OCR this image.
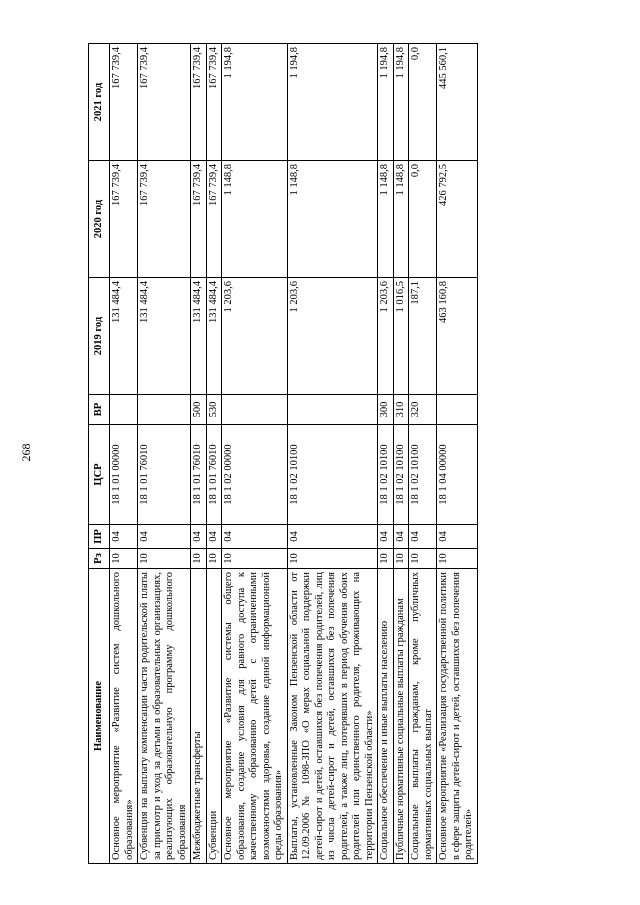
268
Наименование	Рз	ПР	ЦСР	ВР	2019 год	2020 год	2021 год
Основное мероприятие «Развитие систем дошкольного образования»	10	04	18 1 01 00000		131 484,4	167 739,4	167 739,4
Субвенция на выплату компенсации части родительской платы за присмотр и уход за детьми в образовательных организациях, реализующих образовательную программу дошкольного образования	10	04	18 1 01 76010		131 484,4	167 739,4	167 739,4
Межбюджетные трансферты	10	04	18 1 01 76010	500	131 484,4	167 739,4	167 739,4
Субвенции	10	04	18 1 01 76010	530	131 484,4	167 739,4	167 739,4
Основное мероприятие «Развитие системы общего образования, создание условия для равного доступа к качественному образованию детей с ограниченными возможностями здоровья, создание единой информационной среды образования»	10	04	18 1 02 00000		1 203,6	1 148,8	1 194,8
Выплаты, установленные Законом Пензенской области от 12.09.2006 № 1098-ЗПО «О мерах социальной поддержки детей-сирот и детей, оставшихся без попечения родителей, лиц из числа детей-сирот и детей, оставшихся без попечения родителей, а также лиц, потерявших в период обучения обоих родителей или единственного родителя, проживающих на территории Пензенской области»	10	04	18 1 02 10100		1 203,6	1 148,8	1 194,8
Социальное обеспечение и иные выплаты населению	10	04	18 1 02 10100	300	1 203,6	1 148,8	1 194,8
Публичные нормативные социальные выплаты гражданам	10	04	18 1 02 10100	310	1 016,5	1 148,8	1 194,8
Социальные выплаты гражданам, кроме публичных нормативных социальных выплат	10	04	18 1 02 10100	320	187,1	0,0	0,0
Основное мероприятие «Реализация государственной политики в сфере защиты детей-сирот и детей, оставшихся без попечения родителей»	10	04	18 1 04 00000		463 160,8	426 792,5	445 560,1
